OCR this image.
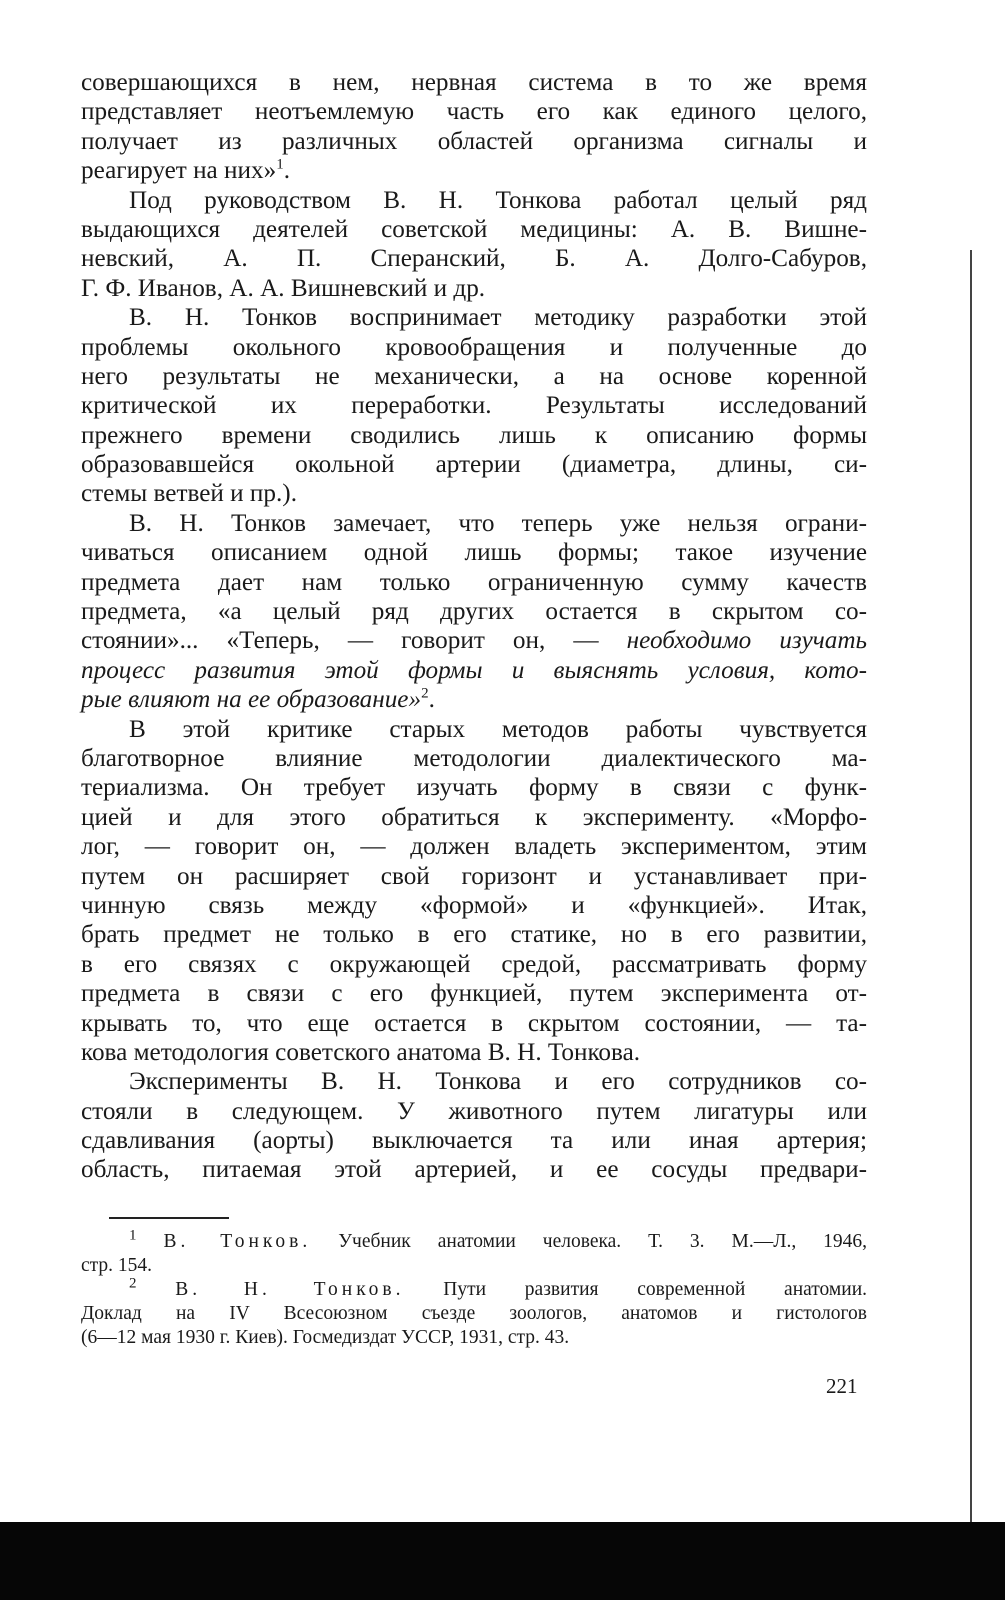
совершающихся в нем, нервная система в то же время
представляет неотъемлемую часть его как единого целого,
получает из различных областей организма сигналы и
реагирует на них»$^1$.
Под руководством В. Н. Тонкова работал целый ряд
выдающихся деятелей советской медицины: А. В. Вишне-
невский, А. П. Сперанский, Б. А. Долго-Сабуров,
Г. Ф. Иванов, А. А. Вишневский и др.
В. Н. Тонков воспринимает методику разработки этой
проблемы окольного кровообращения и полученные до
него результаты не механически, а на основе коренной
критической их переработки. Результаты исследований
прежнего времени сводились лишь к описанию формы
образовавшейся окольной артерии (диаметра, длины, си-
стемы ветвей и пр.).
В. Н. Тонков замечает, что теперь уже нельзя ограни-
чиваться описанием одной лишь формы; такое изучение
предмета дает нам только ограниченную сумму качеств
предмета, «а целый ряд других остается в скрытом со-
стоянии»... «Теперь, — говорит он, — необходимо изучать
процесс развития этой формы и выяснять условия, кото-
рые влияют на ее образование»$^2$.
В этой критике старых методов работы чувствуется
благотворное влияние методологии диалектического ма-
териализма. Он требует изучать форму в связи с функ-
цией и для этого обратиться к эксперименту. «Морфо-
лог, — говорит он, — должен владеть экспериментом, этим
путем он расширяет свой горизонт и устанавливает при-
чинную связь между «формой» и «функцией». Итак,
брать предмет не только в его статике, но в его развитии,
в его связях с окружающей средой, рассматривать форму
предмета в связи с его функцией, путем эксперимента от-
крывать то, что еще остается в скрытом состоянии, — та-
кова методология советского анатома В. Н. Тонкова.
Эксперименты В. Н. Тонкова и его сотрудников со-
стояли в следующем. У животного путем лигатуры или
сдавливания (аорты) выключается та или иная артерия;
область, питаемая этой артерией, и ее сосуды предвари-
$^1$ В. Тонков. Учебник анатомии человека. Т. 3. М.—Л., 1946,
стр. 154.
$^2$ В. Н. Тонков. Пути развития современной анатомии.
Доклад на IV Всесоюзном съезде зоологов, анатомов и гистологов
(6—12 мая 1930 г. Киев). Госмедиздат УССР, 1931, стр. 43.
221
